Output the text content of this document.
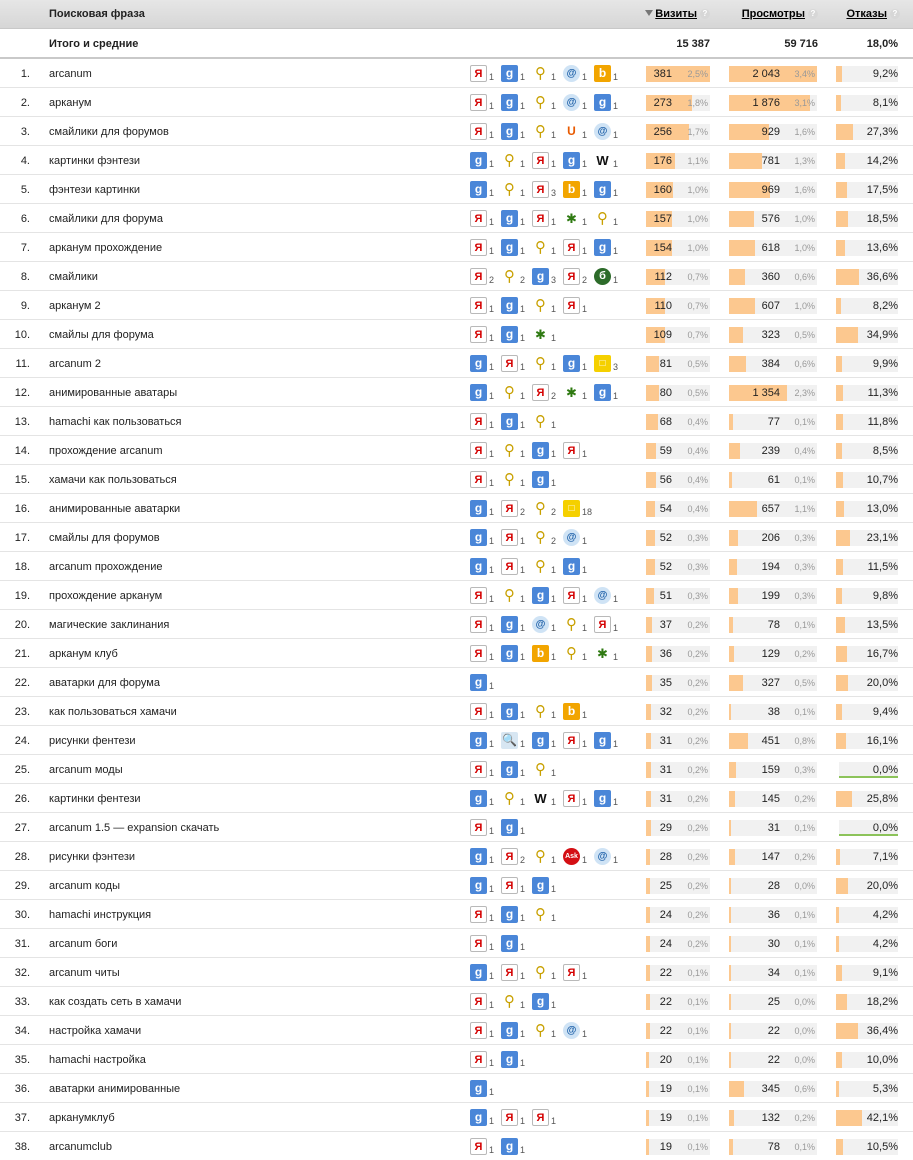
Поисковая фраза	Визиты ?	Просмотры ?	Отказы ?
Итого и средние	15 387	59 716	18,0%
1. arcanum	Я 1 g 1 ⚲ 1	@ 1 b 1	381	2,5%	2 043	3,4%	9,2%
2. арканум	Я 1 g 1 ⚲ 1	@ 1 g 1	273	1,8%	1 876	3,1%	8,1%
3. смайлики для форумов	Я 1 g 1 ⚲ 1 U 1	@ 1	256	1,7%	929	1,6%	27,3%
4. картинки фэнтези	g 1 ⚲ 1	Я 1 g 1 W 1	176	1,1%	781	1,3%	14,2%
5. фэнтези картинки	g 1 ⚲ 1	Я 3 b 1 g 1	160	1,0%	969	1,6%	17,5%
6. смайлики для форума	Я 1 g 1	Я 1 ✱ 1 ⚲ 1	157	1,0%	576	1,0%	18,5%
7. арканум прохождение	Я 1 g 1 ⚲ 1	Я 1 g 1	154	1,0%	618	1,0%	13,6%
8. смайлики	Я 2 ⚲ 2 g 3	Я 2	б 1	112	0,7%	360	0,6%	36,6%
9. арканум 2	Я 1 g 1 ⚲ 1	Я 1	110	0,7%	607	1,0%	8,2%
10. смайлы для форума	Я 1 g 1 ✱ 1	109	0,7%	323	0,5%	34,9%
11. arcanum 2	g 1	Я 1 ⚲ 1 g 1	□ 3	81	0,5%	384	0,6%	9,9%
12. анимированные аватары	g 1 ⚲ 1	Я 2 ✱ 1 g 1	80	0,5%	1 354	2,3%	11,3%
13. hamachi как пользоваться	Я 1 g 1 ⚲ 1	68	0,4%	77	0,1%	11,8%
14. прохождение arcanum	Я 1 ⚲ 1 g 1	Я 1	59	0,4%	239	0,4%	8,5%
15. хамачи как пользоваться	Я 1 ⚲ 1 g 1	56	0,4%	61	0,1%	10,7%
16. анимированные аватарки	g 1	Я 2 ⚲ 2	□ 18	54	0,4%	657	1,1%	13,0%
17. смайлы для форумов	g 1	Я 1 ⚲ 2	@ 1	52	0,3%	206	0,3%	23,1%
18. arcanum прохождение	g 1	Я 1 ⚲ 1 g 1	52	0,3%	194	0,3%	11,5%
19. прохождение арканум	Я 1 ⚲ 1 g 1	Я 1	@ 1	51	0,3%	199	0,3%	9,8%
20. магические заклинания	Я 1 g 1	@ 1 ⚲ 1	Я 1	37	0,2%	78	0,1%	13,5%
21. арканум клуб	Я 1 g 1 b 1 ⚲ 1 ✱ 1	36	0,2%	129	0,2%	16,7%
22. аватарки для форума	g 1	35	0,2%	327	0,5%	20,0%
23. как пользоваться хамачи	Я 1 g 1 ⚲ 1 b 1	32	0,2%	38	0,1%	9,4%
24. рисунки фентези	g 1 🔍 1 g 1	Я 1 g 1	31	0,2%	451	0,8%	16,1%
25. arcanum моды	Я 1 g 1 ⚲ 1	31	0,2%	159	0,3%	0,0%
26. картинки фентези	g 1 ⚲ 1 W 1	Я 1 g 1	31	0,2%	145	0,2%	25,8%
27. arcanum 1.5 — expansion скачать	Я 1 g 1	29	0,2%	31	0,1%	0,0%
28. рисунки фэнтези	g 1	Я 2 ⚲ 1 Ask 1	@ 1	28	0,2%	147	0,2%	7,1%
29. arcanum коды	g 1	Я 1 g 1	25	0,2%	28	0,0%	20,0%
30. hamachi инструкция	Я 1 g 1 ⚲ 1	24	0,2%	36	0,1%	4,2%
31. arcanum боги	Я 1 g 1	24	0,2%	30	0,1%	4,2%
32. arcanum читы	g 1	Я 1 ⚲ 1	Я 1	22	0,1%	34	0,1%	9,1%
33. как создать сеть в хамачи	Я 1 ⚲ 1 g 1	22	0,1%	25	0,0%	18,2%
34. настройка хамачи	Я 1 g 1 ⚲ 1	@ 1	22	0,1%	22	0,0%	36,4%
35. hamachi настройка	Я 1 g 1	20	0,1%	22	0,0%	10,0%
36. аватарки анимированные	g 1	19	0,1%	345	0,6%	5,3%
37. арканумклуб	g 1	Я 1	Я 1	19	0,1%	132	0,2%	42,1%
38. arcanumclub	Я 1 g 1	19	0,1%	78	0,1%	10,5%
